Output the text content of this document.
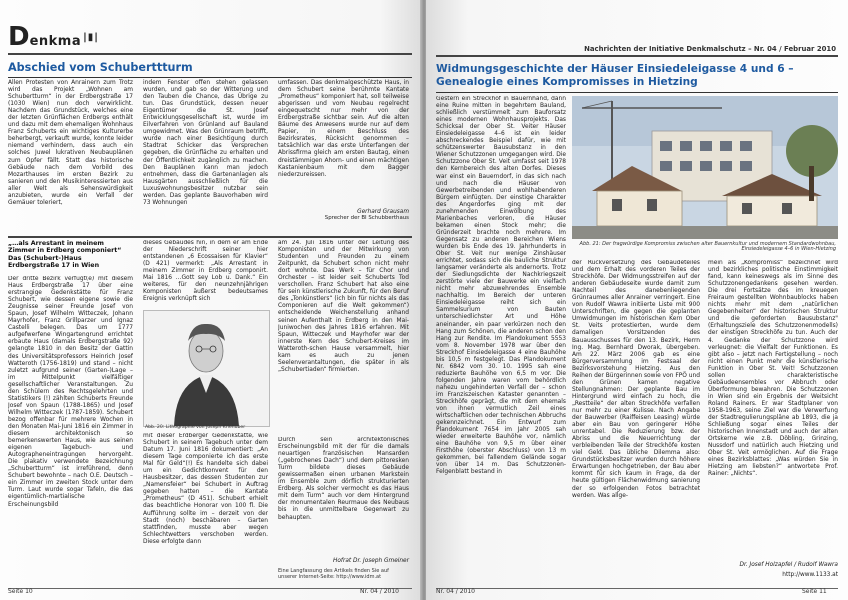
$D^{enkma}$ |▮|
Abschied vom Schuberttturm
Allen Protesten von Anrainern zum Trotz wird das Projekt „Wohnen am Schubertturm“ in der Erdbergstraße 17 (1030 Wien) nun doch verwirklicht. Nachdem das Grundstück, welches eine der letzten Grünflächen Erdbergs enthält und dazu mit dem ehemaligen Wohnhaus Franz Schuberts ein wichtiges Kulturerbe beherbergt, verkauft wurde, konnte leider niemand verhindern, dass auch ein solches Juwel lukrativen Neubauplänen zum Opfer fällt. Statt das historische Gebäude nach dem Vorbild des Mozarthauses im ersten Bezirk zu sanieren und den Musikinteressierten aus aller Welt als Sehenswürdigkeit anzubieten, wurde ein Verfall der Gemäuer toleriert,
indem Fenster offen stehen gelassen wurden, und gab so der Witterung und den Tauben die Chance, das Übrige zu tun. Das Grundstück, dessen neuer Eigentümer die St. Josef Entwicklungsgesellschaft ist, wurde im Eilverfahren von Grünland auf Bauland umgewidmet. Was den Grünraum betrifft, wurde nach einer Besichtigung durch Stadtrat Schicker das Versprechen gegeben, die Grünfläche zu erhalten und der Öffentlichkeit zugänglich zu machen. Den Bauplänen kann man jedoch entnehmen, dass die Gartenanlagen als Hausgärten ausschließlich für die Luxuswohnungsbesitzer nutzbar sein werden. Das geplante Bauvorhaben wird 73 Wohnungen
umfassen. Das denkmalgeschützte Haus, in dem Schubert seine berühmte Kantate „Prometheus“ komponiert hat, soll teilweise abgerissen und vom Neubau regelrecht eingequetscht nur mehr von der Erdbergstraße sichtbar sein. Auf die alten Bäume des Anwesens wurde nur auf dem Papier, in einem Beschluss des Bezirksrates, Rücksicht genommen – tatsächlich war das erste Unterfangen der Abrissfirma gleich am ersten Bautag, einen dreistämmigen Ahorn- und einen mächtigen Kastanienbaum mit dem Bagger niederzureissen.
Gerhard Grausam
Sprecher der BI Schubberthaus
„…als Arrestant in meinem Zimmer in Erdberg componiert“ Das (Schubert-)Haus Erdbergstraße 17 in Wien
Der dritte Bezirk verfügt(e) mit diesem Haus Erdbergstraße 17 über eine erstrangige Gedenkstätte für Franz Schubert, wie dessen eigene sowie die Zeugnisse seiner Freunde Josef von Spaun, Josef Wilhelm Witteczek, Johann Mayrhofer, Franz Grillparzer und Ignaz Castelli belegen. Das um 1777 aufgefwerfene Wingartengrund errichtet erbaute Haus (damals Erdbergstraße 92) gelangte 1810 in den Besitz der Gattin des Universitätsprofessors Heinrich Josef Watteroth (1756-1819) und stand – nicht zuletzt aufgrund seiner (Garten-)Lage – im Mittelpunkt vielfältiger gesellschaftlicher Veranstaltungen. Zu den Schülern des Rechtsgelehrten und Statistikers (!) zählten Schuberts Freunde Josef von Spaun (1788-1865) und Josef Wilhelm Witteczek (1787-1859). Schubert bezog offenbar für mehrere Wochen in den Monaten Mai-Juni 1816 ein Zimmer in diesem architektonisch so bemerkenswerten Haus, wie aus seinen eigenen Tagebuch- und Autographeneintragungen hervorgeht. Die plakativ verwendete Bezeichnung „Schubertturm“ ist irreführend, denn Schubert bewohnte – nach O.E. Deutsch – ein Zimmer im zweiten Stock unter dem Turm. Laut wurde sogar Tafeln, die das eigentümlich-martialische Erscheinungsbild
dieses Gebäudes hin, in dem er am Ende der Niederschrift seiner hier entstandenen „6 Ecossaisen für Klavier“ (D 421) vermerkt: „Als Arrestant in meinem Zimmer in Erdberg componirt. Mai 1816 …Gott sey Lob u. Dank.“ Ein weiteres, für den neunzehnjährigen Komponisten äußerst bedeutsames Ereignis verknüpft sich
Abb. 20: Lithographie von Joseph Kriehuber
mit dieser Erdberger Gedenkstätte, wie Schubert in seinem Tagebuch unter dem Datum 17. Juni 1816 dokumentiert: „An diesem Tage componierte ich das erste Mal für Geld“(!) Es handelte sich dabei um ein Gedichtkonvent für den Hausbesitzer, das dessen Studenten zur „Namensfeier“ bei Schubert in Auftrag gegeben hatten – die Kantate „Prometheus“ (D 451). Schubert erhielt das beachtliche Honorar von 100 fl. Die Aufführung sollte im – derzeit von der Stadt (noch) beschäbaren – Garten stattfinden, musste aber wegen Schlechtwetters verschoben werden. Diese erfolgte dann
am 24. Juli 1816 unter der Leitung des Komponisten und der Mitwirkung von Studenten und Freunden zu einem Zeitpunkt, da Schubert schon nicht mehr dort wohnte. Das Werk – für Chor und Orchester – ist leider seit Schuberts Tod verschollen. Franz Schubert hat also eine für sein künstlerische Zukunft, für den Beruf des „Tonkünstlers“ (ich bin für nichts als das Componieren auf die Welt gekommen“) entscheidende Weichenstellung anhand seinen Aufenthalt in Erdberg in den Mai-Juniwochen des Jahres 1816 erfahren. Mit Spaun, Witteczek und Mayrhofer war der innerste Kern des Schubert-Kreises im Watteroth-schen Hause versammelt, hier kam es auch zu jenen Seelenverantaltungen, die später in als „Schubertiaden“ firmierten.
Durch sein architektonisches Erscheinungsbild mit der für die damals neuartigen französischen Mansarden („gebrochenes Dach“) und dem pittoresken Turm bildete dieses Gebäude gewissermaßen einen urbanen Markstein im Ensemble zum dörflich strukturierten Erdberg. Als solcher vermocht es das Haus mit dem Turm“ auch vor dem Hintergrund der monumentalen Reurmaue des Neubaus bis in die unmittelbare Gegenwart zu behaupten.
Hofrat Dr. Joseph Gmeiner
Eine Langfassung des Artikels finden Sie auf unserer Internet-Seite: http://www.idm.at
Seite 10	Nr. 04 / 2010
Nachrichten der Initiative Denkmalschutz – Nr. 04 / Februar 2010
Widmungsgeschichte der Häuser Einsiedeleigasse 4 und 6 –
Genealogie eines Kompromisses in Hietzing
Gestern ein Streckhof in Bauernhand, dann eine Ruine mitten in begehrtem Bauland, schließlich verstümmelt zum Bauforsatz eines modernen Wohnhausprojekts. Das Schicksal der Ober St. Veiter Häuser Einsiedeleigasse 4–6 ist ein leider abschreckendes Beispiel dafür, wie mit schützenswerter Bausubstanz in den Wiener Schutzzonen umgegangen wird. Die Schutzzone Ober St. Veit umfasst seit 1978 den Kernbereich des alten Dorfes. Dieses war einst ein Bauerndorf, in das sich nach und nach die Häuser von Gewerbetreibenden und wohlhabenderen Bürgern einfügten. Der einstige Charakter des Angerdorfes ging mit der zunehmenden Einwölbung des Marienbaches verloren, die Häuser bekamen einen Stock mehr; die Gründerzeit brachte noch mehrere. Im Gegensatz zu anderen Bereichen Wiens wurden bis Ende des 19. Jahrhunderts in Ober St. Veit nur wenige Zinshäuser errichtet, sodass sich die bauliche Struktur langsamer veränderte als andernorts. Trotz der Siedlungsdichte der Nachkriegszeit zerstörte viele der Bauwerke ein vielfach nicht mehr abzuwehrendes Ensemble nachhaltig. Im Bereich der unteren Einsiedeleigasse reiht sich ein Sammelsurium von Bauten unterschiedlichster Art und Höhe aneinander, ein paar verkürzen noch den Hang zum Schönen, die anderen schon den Hang zur Rendite. Im Plandokument 5553 vom 8. November 1978 war über den Streckhof Einsiedeleigasse 4 eine Bauhöhe bis 10,5 m festgelegt. Das Plandokument Nr. 6842 vom 30. 10. 1995 sah eine reduzierte Bauhöhe von 6,5 m vor. Die folgenden Jahre waren vom behördlich nahezu ungehinderten Verfall der – schon im Franziszeischen Kataster genannten – Streckhöfe geprägt, die mit dem ehemals von ihnen vermutlich Zeil eines wirtschaftlichen oder technischen Abbruchs gekennzeichnet. Ein Entwurf zum Plandokument 7654 im Jahr 2005 sah wieder erweiterte Bauhöhe vor, nämlich eine Bauhöhe von 9,5 m über einer Firsthöhe (oberster Abschluss) von 13 m gekommen, bei fallendem Gelände sogar von über 14 m. Das Schutzzonen-Felgenblatt bestand in
Abb. 21: Der fragwürdige Kompromiss zwischen alter Bauernkultur und modernem Standardwohnbau, Einsiedeleigasse 4–6 in Wien-Hietzing
der Rückversetzung des Gebäudeteiles und dem Erhalt des vorderen Teiles der Streckhöfe. Der Widmungsstreifen auf der anderen Gebäudeseite wurde damit zum Nachteil des danebenliegenden Grünraumes aller Anrainer verringert. Eine von Rudolf Wawra initiierte Liste mit 900 Unterschriften, die gegen die geplanten Umwidmungen im historischen Kern Ober St. Veits protestierten, wurde dem damaligen Vorsitzenden des Bauausschusses für den 13. Bezirk, Herrn Ing. Mag. Bernhard Dworak, übergeben. Am 22. März 2006 gab es eine Bürgerversammlung im Festsaal der Bezirksvorstehung Hietzing. Aus den Reihen der Bürgerinnen sowie von FPÖ und den Grünen kamen negative Stellungnahmen: Der geplante Bau im Hintergrund wird einfach zu hoch, die „Restteile“ der alten Streckhöfe verfallen nur mehr zu einer Kulisse. Nach Angabe der Bauwerber (Raiffeisen Leasing) würde aber ein Bau von geringerer Höhe unrentabel. Die Reduzierung bzw. der Abriss und die Neuerrichtung der verbleibenden Teile der Streckhöfe kosten viel Geld. Das übliche Dilemma also: Grundstücksbesitzer wurden durch höhere Erwartungen hochgetrieben, der Bau aber kommt für sich kaum in Frage, da der heute gültigen Flächenwidmung sanierung der so erfolgenden Fotos betrachtet werden. Was allge-
mein als „Kompromiss“ bezeichnet wird und bezirkliches politische Einstimmigkeit fand, kann keineswegs als im Sinne des Schutzzonengedankens gesehen werden. Die drei Fortsätze des im kreuegen Freiraum gestellten Wohnbaublocks haben nichts mehr mit dem „natürlichen Gegebenheiten“ der historischen Struktur und die geforderten Bausubstanz" (Erhaltungsziele des Schutzzonenmodells) der einstigen Streckhöfe zu tun. Auch der 4. Gedanke der Schutzzone wird verleugnet: die Vielfalt der Funktionen. Es gibt also – jetzt nach Fertigstellung – noch nicht einen Punkt mehr die künstlerische Funktion in Ober St. Veit! Schutzzonen sollen charakteristische Gebäudeensembles vor Abbruch oder Überformung bewahren. Die Schutzzonen in Wien sind ein Ergebnis der Weitsicht Roland Rainers. Er war Stadtplaner von 1958-1963, seine Ziel war die Verwerfung der Stadtregulierungspläne ab 1893, die ja Schließung sogar eines Teiles der historischen Innenstadt und auch der alten Ortskerne wie z.B. Döbling, Grinzing, Nussdorf und natürlich auch Hietzing und Ober St. Veit ermöglichen. Auf die Frage eines Bezirksblattes: „Was würden Sie in Hietzing am liebsten?“ antwortete Prof. Rainer: „Nichts“.
Dr. Josef Holzapfel / Rudolf Wawra
http://www.1133.at
Nr. 04 / 2010	Seite 11
